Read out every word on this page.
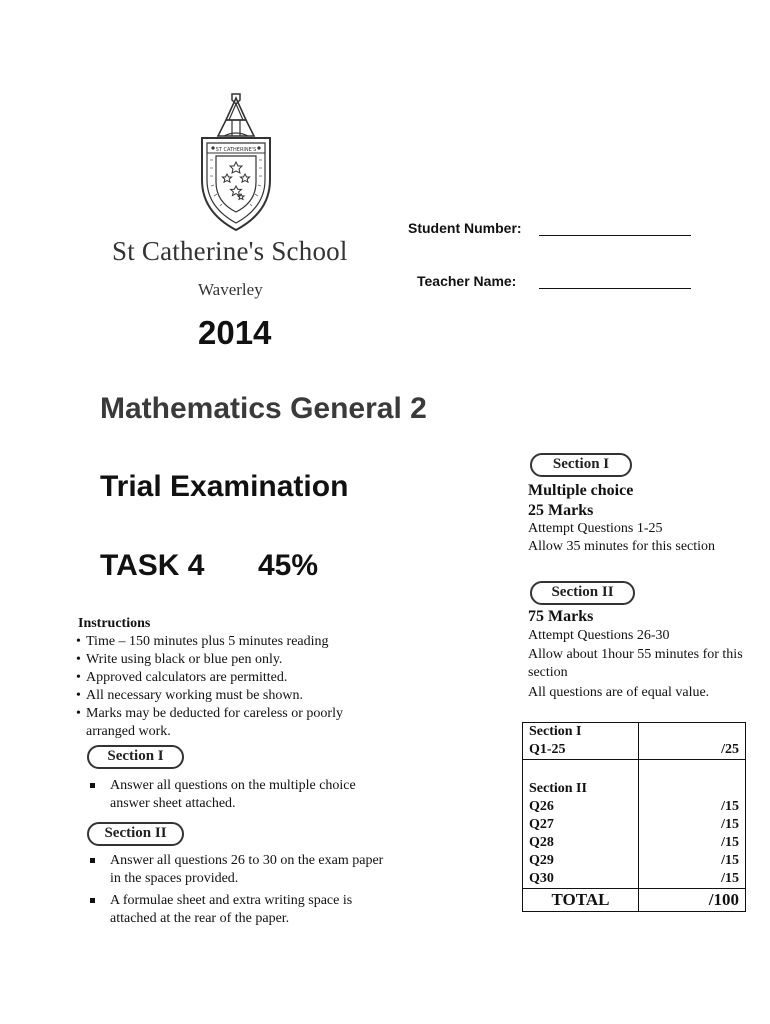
ST CATHERINE'S
St Catherine's School
Waverley
Student Number:
Teacher Name:
2014
Mathematics General 2
Trial Examination
TASK 4 45%
Instructions
• Time – 150 minutes plus 5 minutes reading
• Write using black or blue pen only.
• Approved calculators are permitted.
• All necessary working must be shown.
• Marks may be deducted for careless or poorly arranged work.
Section I
Answer all questions on the multiple choice answer sheet attached.
Section II
Answer all questions 26 to 30 on the exam paper in the spaces provided.
A formulae sheet and extra writing space is attached at the rear of the paper.
Section I
Multiple choice
25 Marks
Attempt Questions 1-25
Allow 35 minutes for this section
Section II
75 Marks
Attempt Questions 26-30
Allow about 1hour 55 minutes for this section
All questions are of equal value.
Section I	
Q1-25	/25

Section II	
Q26	/15
Q27	/15
Q28	/15
Q29	/15
Q30	/15
TOTAL	/100
